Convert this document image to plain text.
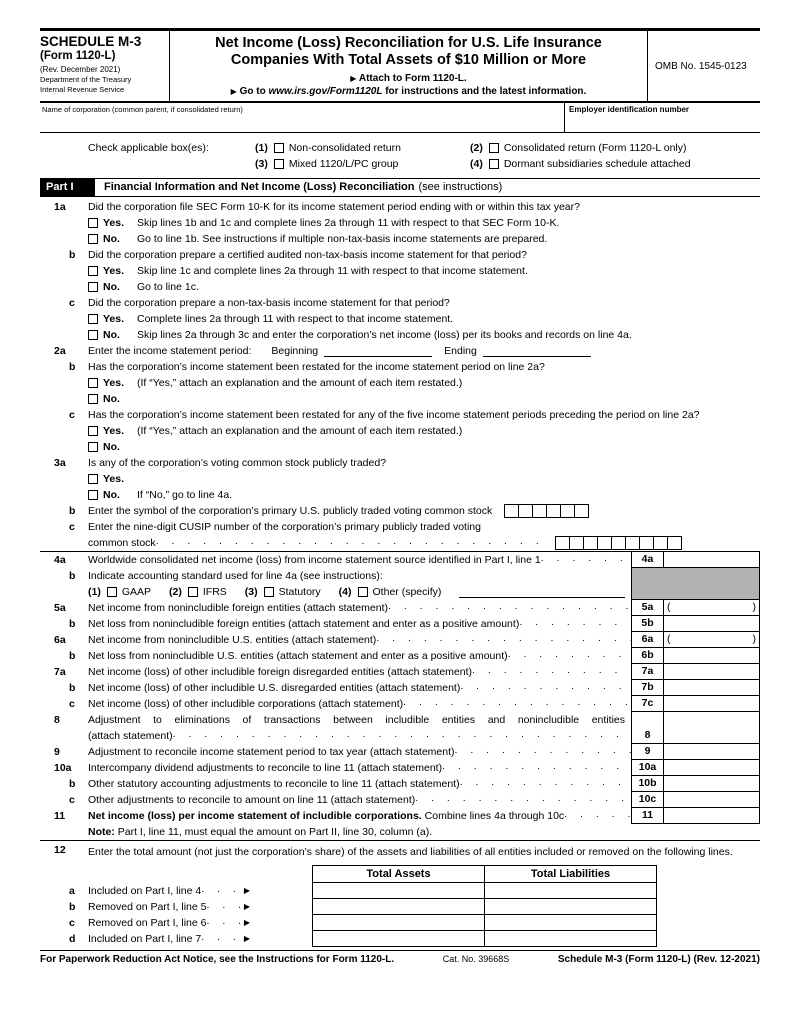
SCHEDULE M-3
(Form 1120-L)
(Rev. December 2021)
Department of the Treasury
Internal Revenue Service
Net Income (Loss) Reconciliation for U.S. Life Insurance
Companies With Total Assets of $10 Million or More
▶ Attach to Form 1120-L.
▶ Go to www.irs.gov/Form1120L for instructions and the latest information.
OMB No. 1545-0123
Name of corporation (common parent, if consolidated return)	Employer identification number
Check applicable box(es):	(1) Non-consolidated return	(2) Consolidated return (Form 1120-L only)
(3) Mixed 1120/L/PC group	(4) Dormant subsidiaries schedule attached
Part I	Financial Information and Net Income (Loss) Reconciliation (see instructions)
1a	Did the corporation file SEC Form 10-K for its income statement period ending with or within this tax year?
Yes.	Skip lines 1b and 1c and complete lines 2a through 11 with respect to that SEC Form 10-K.
No.	Go to line 1b. See instructions if multiple non-tax-basis income statements are prepared.
b	Did the corporation prepare a certified audited non-tax-basis income statement for that period?
Yes.	Skip line 1c and complete lines 2a through 11 with respect to that income statement.
No.	Go to line 1c.
c	Did the corporation prepare a non-tax-basis income statement for that period?
Yes.	Complete lines 2a through 11 with respect to that income statement.
No.	Skip lines 2a through 3c and enter the corporation’s net income (loss) per its books and records on line 4a.
2a	Enter the income statement period: Beginning	Ending
b	Has the corporation’s income statement been restated for the income statement period on line 2a?
Yes.	(If “Yes,” attach an explanation and the amount of each item restated.)
No.
c	Has the corporation’s income statement been restated for any of the five income statement periods preceding the period on line 2a?
Yes.	(If “Yes,” attach an explanation and the amount of each item restated.)
No.
3a	Is any of the corporation’s voting common stock publicly traded?
Yes.
No.	If “No,” go to line 4a.
b	Enter the symbol of the corporation’s primary U.S. publicly traded voting common stock
c	Enter the nine-digit CUSIP number of the corporation’s primary publicly traded voting
common stock
. . .
4a	Worldwide consolidated net income (loss) from income statement source identified in Part I, line 1 . . .	4a
b	Indicate accounting standard used for line 4a (see instructions):
(1) GAAP (2) IFRS (3) Statutory (4) Other (specify)
5a	Net income from nonincludible foreign entities (attach statement) . . .	5a	(	)
b	Net loss from nonincludible foreign entities (attach statement and enter as a positive amount) . . .	5b
6a	Net income from nonincludible U.S. entities (attach statement) . . .	6a	(	)
b	Net loss from nonincludible U.S. entities (attach statement and enter as a positive amount) . . .	6b
7a	Net income (loss) of other includible foreign disregarded entities (attach statement) . . .	7a
b	Net income (loss) of other includible U.S. disregarded entities (attach statement) . . .	7b
c	Net income (loss) of other includible corporations (attach statement) . . .	7c
8	Adjustment to eliminations of transactions between includible entities and nonincludible entities
(attach statement) . . .	8
9	Adjustment to reconcile income statement period to tax year (attach statement) . . .	9
10a	Intercompany dividend adjustments to reconcile to line 11 (attach statement) . . .	10a
b	Other statutory accounting adjustments to reconcile to line 11 (attach statement) . . .	10b
c	Other adjustments to reconcile to amount on line 11 (attach statement) . . .	10c
11	Net income (loss) per income statement of includible corporations. Combine lines 4a through 10c . . .	11
Note: Part I, line 11, must equal the amount on Part II, line 30, column (a).
12	Enter the total amount (not just the corporation’s share) of the assets and liabilities of all entities included or removed on the following lines.
Total Assets	Total Liabilities
a	Included on Part I, line 4 . . .	▶
b	Removed on Part I, line 5 . . .	▶
c	Removed on Part I, line 6 . . .	▶
d	Included on Part I, line 7 . . .	▶
For Paperwork Reduction Act Notice, see the Instructions for Form 1120-L.	Cat. No. 39668S	Schedule M-3 (Form 1120-L) (Rev. 12-2021)
